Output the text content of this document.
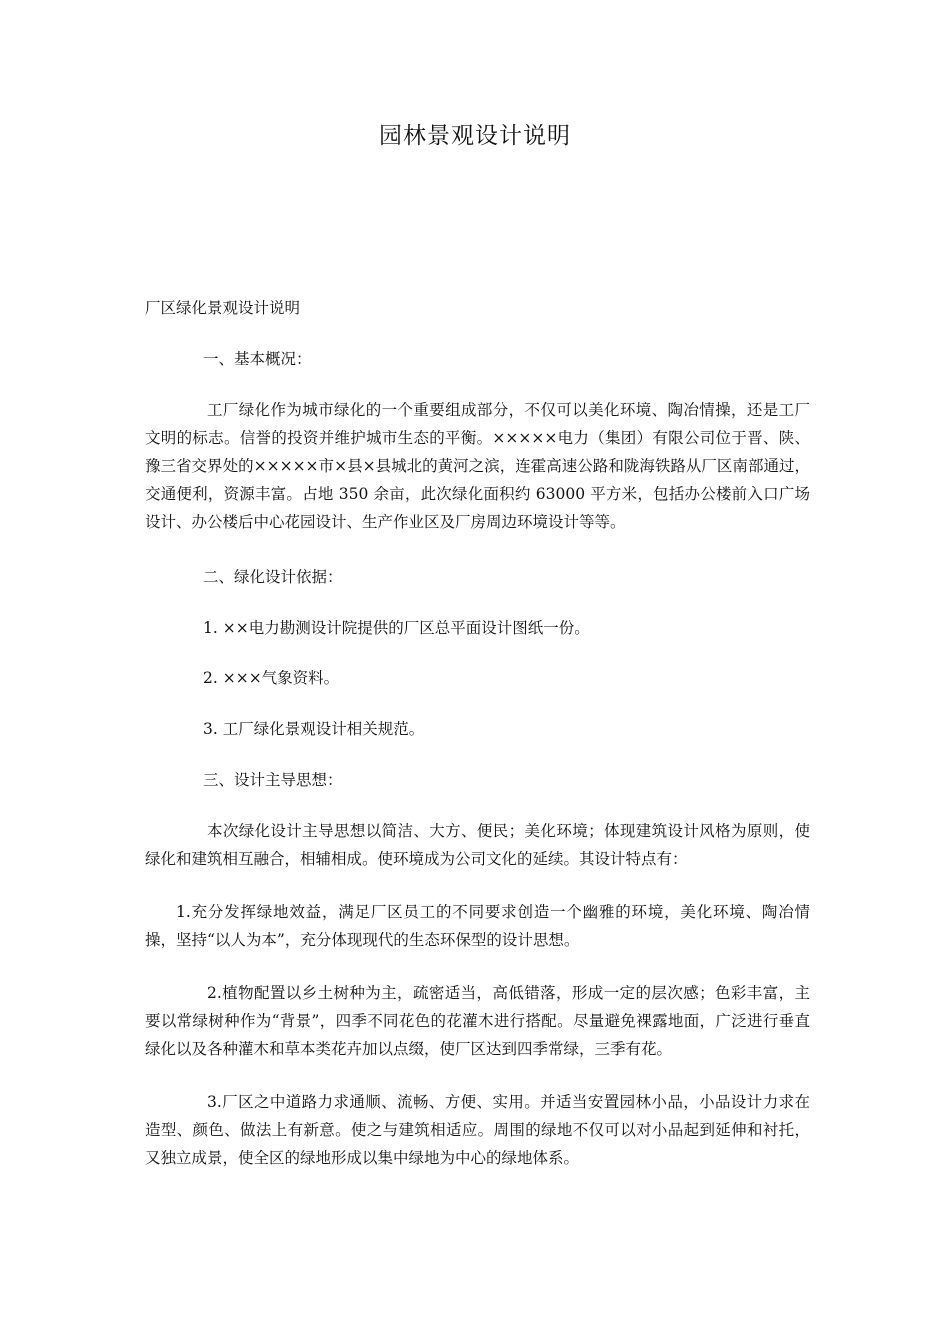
园林景观设计说明
厂区绿化景观设计说明
一、基本概况：
工厂绿化作为城市绿化的一个重要组成部分，不仅可以美化环境、陶冶情操，还是工厂文明的标志。信誉的投资并维护城市生态的平衡。×××××电力（集团）有限公司位于晋、陕、豫三省交界处的×××××市×县×县城北的黄河之滨，连霍高速公路和陇海铁路从厂区南部通过，交通便利，资源丰富。占地 350 余亩，此次绿化面积约 63000 平方米，包括办公楼前入口广场设计、办公楼后中心花园设计、生产作业区及厂房周边环境设计等等。
二、绿化设计依据：
1. ××电力勘测设计院提供的厂区总平面设计图纸一份。
2. ×××气象资料。
3. 工厂绿化景观设计相关规范。
三、设计主导思想：
本次绿化设计主导思想以简洁、大方、便民；美化环境；体现建筑设计风格为原则，使绿化和建筑相互融合，相辅相成。使环境成为公司文化的延续。其设计特点有：
1.充分发挥绿地效益，满足厂区员工的不同要求创造一个幽雅的环境，美化环境、陶冶情操，坚持“以人为本”，充分体现现代的生态环保型的设计思想。
2.植物配置以乡土树种为主，疏密适当，高低错落，形成一定的层次感；色彩丰富，主要以常绿树种作为“背景”，四季不同花色的花灌木进行搭配。尽量避免裸露地面，广泛进行垂直绿化以及各种灌木和草本类花卉加以点缀，使厂区达到四季常绿，三季有花。
3.厂区之中道路力求通顺、流畅、方便、实用。并适当安置园林小品，小品设计力求在造型、颜色、做法上有新意。使之与建筑相适应。周围的绿地不仅可以对小品起到延伸和衬托，又独立成景，使全区的绿地形成以集中绿地为中心的绿地体系。
